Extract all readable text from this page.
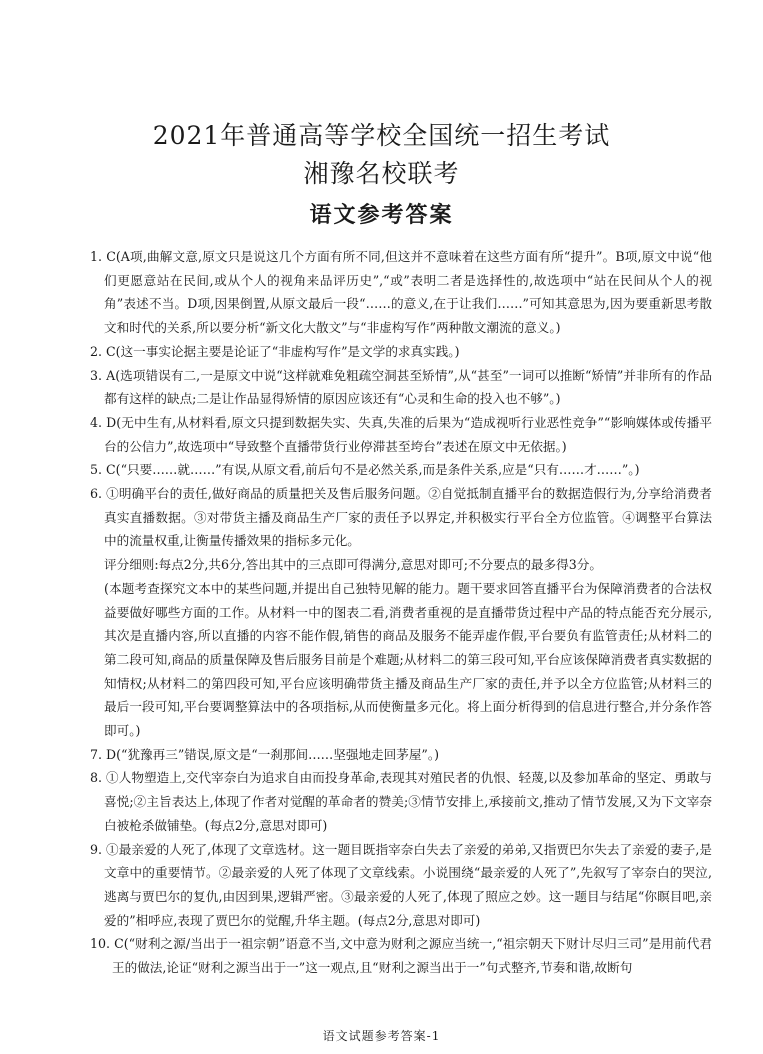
2021年普通高等学校全国统一招生考试
湘豫名校联考
语文参考答案

1. C(A项,曲解文意,原文只是说这几个方面有所不同,但这并不意味着在这些方面有所“提升”。B项,原文中说“他们更愿意站在民间,或从个人的视角来品评历史”,“或”表明二者是选择性的,故选项中“站在民间从个人的视角”表述不当。D项,因果倒置,从原文最后一段“……的意义,在于让我们……”可知其意思为,因为要重新思考散文和时代的关系,所以要分析“新文化大散文”与“非虚构写作”两种散文潮流的意义。)

2. C(这一事实论据主要是论证了“非虚构写作”是文学的求真实践。)

3. A(选项错误有二,一是原文中说“这样就难免粗疏空洞甚至矫情”,从“甚至”一词可以推断“矫情”并非所有的作品都有这样的缺点;二是让作品显得矫情的原因应该还有“心灵和生命的投入也不够”。)

4. D(无中生有,从材料看,原文只提到数据失实、失真,失准的后果为“造成视听行业恶性竞争”“影响媒体或传播平台的公信力”,故选项中“导致整个直播带货行业停滞甚至垮台”表述在原文中无依据。)

5. C(“只要……就……”有误,从原文看,前后句不是必然关系,而是条件关系,应是“只有……才……”。)

6. ①明确平台的责任,做好商品的质量把关及售后服务问题。②自觉抵制直播平台的数据造假行为,分享给消费者真实直播数据。③对带货主播及商品生产厂家的责任予以界定,并积极实行平台全方位监管。④调整平台算法中的流量权重,让衡量传播效果的指标多元化。

评分细则:每点2分,共6分,答出其中的三点即可得满分,意思对即可;不分要点的最多得3分。

(本题考查探究文本中的某些问题,并提出自己独特见解的能力。题干要求回答直播平台为保障消费者的合法权益要做好哪些方面的工作。从材料一中的图表二看,消费者重视的是直播带货过程中产品的特点能否充分展示,其次是直播内容,所以直播的内容不能作假,销售的商品及服务不能弄虚作假,平台要负有监管责任;从材料二的第二段可知,商品的质量保障及售后服务目前是个难题;从材料二的第三段可知,平台应该保障消费者真实数据的知情权;从材料二的第四段可知,平台应该明确带货主播及商品生产厂家的责任,并予以全方位监管;从材料三的最后一段可知,平台要调整算法中的各项指标,从而使衡量多元化。将上面分析得到的信息进行整合,并分条作答即可。)

7. D(“犹豫再三”错误,原文是“一刹那间……坚强地走回茅屋”。)

8. ①人物塑造上,交代宰奈白为追求自由而投身革命,表现其对殖民者的仇恨、轻蔑,以及参加革命的坚定、勇敢与喜悦;②主旨表达上,体现了作者对觉醒的革命者的赞美;③情节安排上,承接前文,推动了情节发展,又为下文宰奈白被枪杀做铺垫。(每点2分,意思对即可)

9. ①最亲爱的人死了,体现了文章选材。这一题目既指宰奈白失去了亲爱的弟弟,又指贾巴尔失去了亲爱的妻子,是文章中的重要情节。②最亲爱的人死了体现了文章线索。小说围绕“最亲爱的人死了”,先叙写了宰奈白的哭泣,逃离与贾巴尔的复仇,由因到果,逻辑严密。③最亲爱的人死了,体现了照应之妙。这一题目与结尾“你瞑目吧,亲爱的”相呼应,表现了贾巴尔的觉醒,升华主题。(每点2分,意思对即可)

10. C(“财利之源/当出于一祖宗朝”语意不当,文中意为财利之源应当统一,“祖宗朝天下财计尽归三司”是用前代君王的做法,论证“财利之源当出于一”这一观点,且“财利之源当出于一”句式整齐,节奏和谐,故断句

语文试题参考答案-1
